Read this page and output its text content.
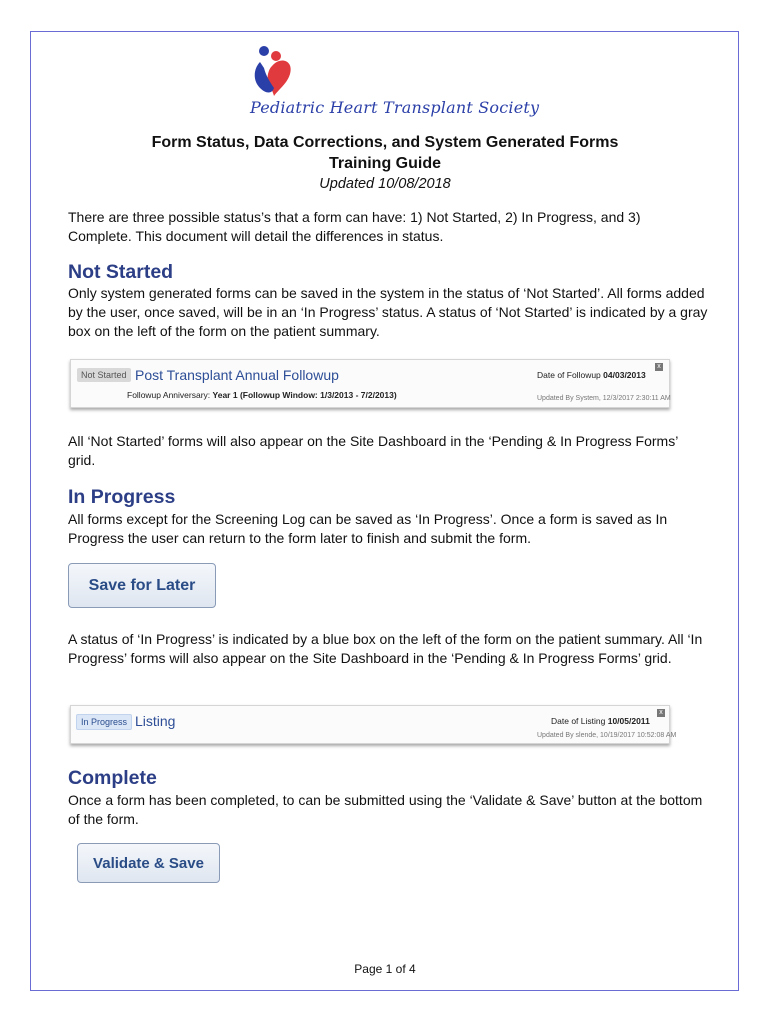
Pediatric Heart Transplant Society
Form Status, Data Corrections, and System Generated Forms
Training Guide
Updated 10/08/2018
There are three possible status’s that a form can have: 1) Not Started, 2) In Progress, and 3) Complete. This document will detail the differences in status.
Not Started
Only system generated forms can be saved in the system in the status of ‘Not Started’. All forms added by the user, once saved, will be in an ‘In Progress’ status. A status of ‘Not Started’ is indicated by a gray box on the left of the form on the patient summary.
Not Started Post Transplant Annual Followup	Date of Followup 04/03/2013
x
Followup Anniversary: Year 1 (Followup Window: 1/3/2013 - 7/2/2013)	Updated By System, 12/3/2017 2:30:11 AM
All ‘Not Started’ forms will also appear on the Site Dashboard in the ‘Pending & In Progress Forms’ grid.
In Progress
All forms except for the Screening Log can be saved as ‘In Progress’. Once a form is saved as In Progress the user can return to the form later to finish and submit the form.
Save for Later
A status of ‘In Progress’ is indicated by a blue box on the left of the form on the patient summary. All ‘In Progress’ forms will also appear on the Site Dashboard in the ‘Pending & In Progress Forms’ grid.
In Progress Listing	Date of Listing 10/05/2011
x
Updated By slende, 10/19/2017 10:52:08 AM
Complete
Once a form has been completed, to can be submitted using the ‘Validate & Save’ button at the bottom of the form.
Validate & Save
Page 1 of 4
